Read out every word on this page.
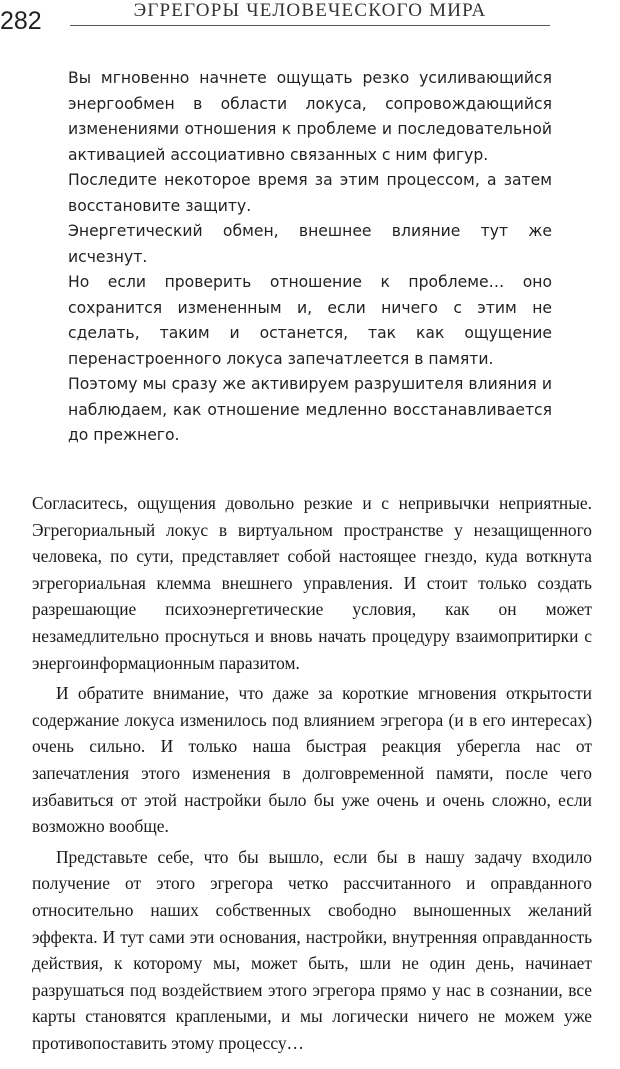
282	ЭГРЕГОРЫ ЧЕЛОВЕЧЕСКОГО МИРА

Вы мгновенно начнете ощущать резко усиливающийся энергообмен в области локуса, сопровождающийся изменениями отношения к проблеме и последовательной активацией ассоциативно связанных с ним фигур.

Последите некоторое время за этим процессом, а затем восстановите защиту.

Энергетический обмен, внешнее влияние тут же исчезнут.

Но если проверить отношение к проблеме… оно сохранится измененным и, если ничего с этим не сделать, таким и останется, так как ощущение перенастроенного локуса запечатлеется в памяти.

Поэтому мы сразу же активируем разрушителя влияния и наблюдаем, как отношение медленно восстанавливается до прежнего.

Согласитесь, ощущения довольно резкие и с непривычки неприятные. Эгрегориальный локус в виртуальном пространстве у незащищенного человека, по сути, представляет собой настоящее гнездо, куда воткнута эгрегориальная клемма внешнего управления. И стоит только создать разрешающие психоэнергетические условия, как он может незамедлительно проснуться и вновь начать процедуру взаимопритирки с энергоинформационным паразитом.

И обратите внимание, что даже за короткие мгновения открытости содержание локуса изменилось под влиянием эгрегора (и в его интересах) очень сильно. И только наша быстрая реакция уберегла нас от запечатления этого изменения в долговременной памяти, после чего избавиться от этой настройки было бы уже очень и очень сложно, если возможно вообще.

Представьте себе, что бы вышло, если бы в нашу задачу входило получение от этого эгрегора четко рассчитанного и оправданного относительно наших собственных свободно выношенных желаний эффекта. И тут сами эти основания, настройки, внутренняя оправданность действия, к которому мы, может быть, шли не один день, начинает разрушаться под воздействием этого эгрегора прямо у нас в сознании, все карты становятся краплеными, и мы логически ничего не можем уже противопоставить этому процессу…
